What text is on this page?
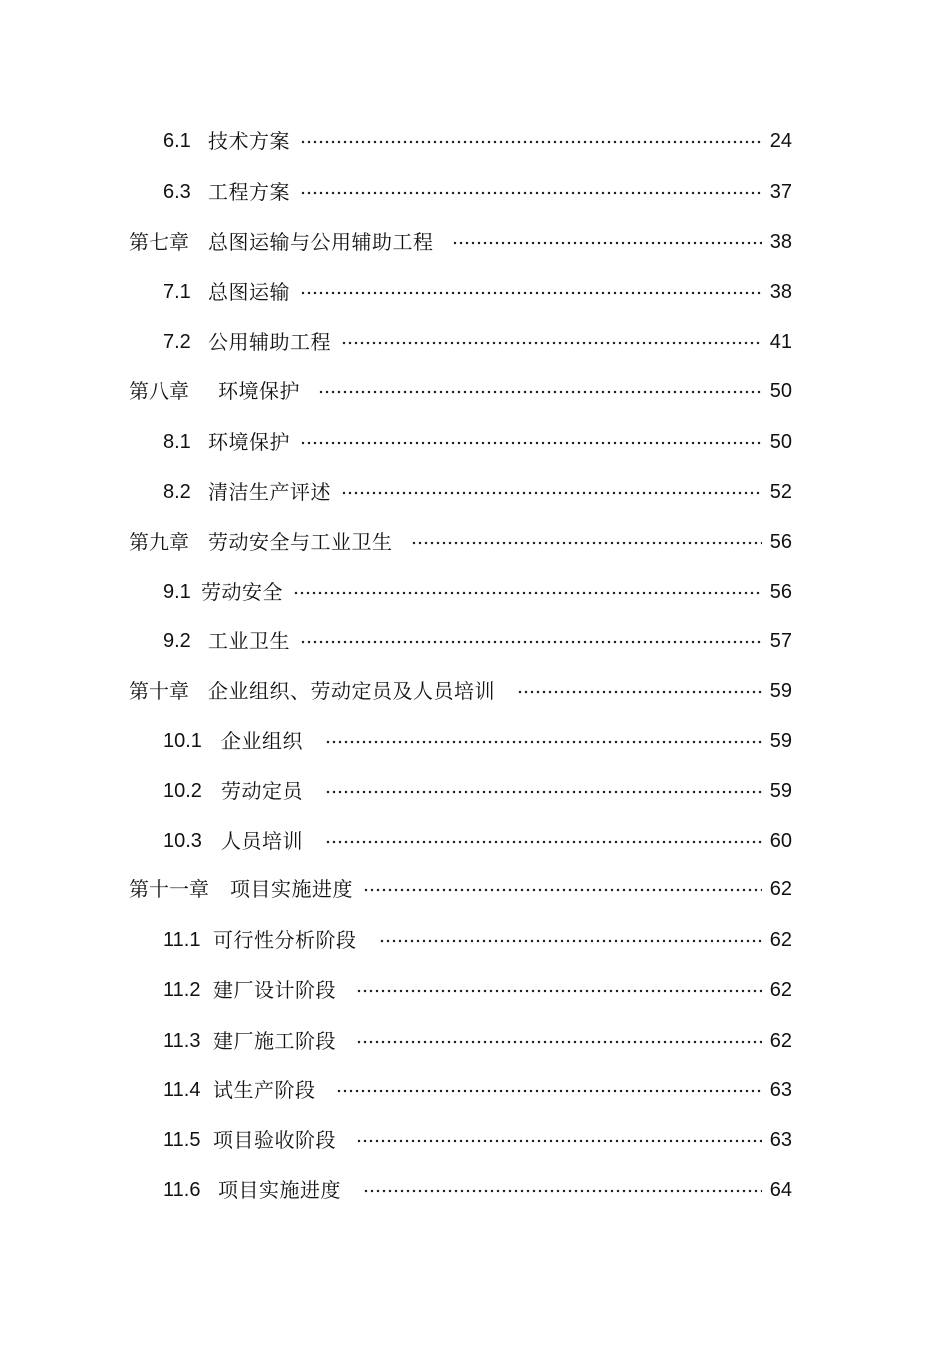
6.1 技术方案	24
6.3 工程方案	37
第七章 总图运输与公用辅助工程	38
7.1 总图运输	38
7.2 公用辅助工程	41
第八章	环境保护	50
8.1 环境保护	50
8.2 清洁生产评述	52
第九章 劳动安全与工业卫生	56
9.1 劳动安全	56
9.2 工业卫生	57
第十章 企业组织、劳动定员及人员培训	59
10.1 企业组织	59
10.2 劳动定员	59
10.3 人员培训	60
第十一章	项目实施进度	62
11.1 可行性分析阶段	62
11.2 建厂设计阶段	62
11.3 建厂施工阶段	62
11.4 试生产阶段	63
11.5 项目验收阶段	63
11.6 项目实施进度	64
